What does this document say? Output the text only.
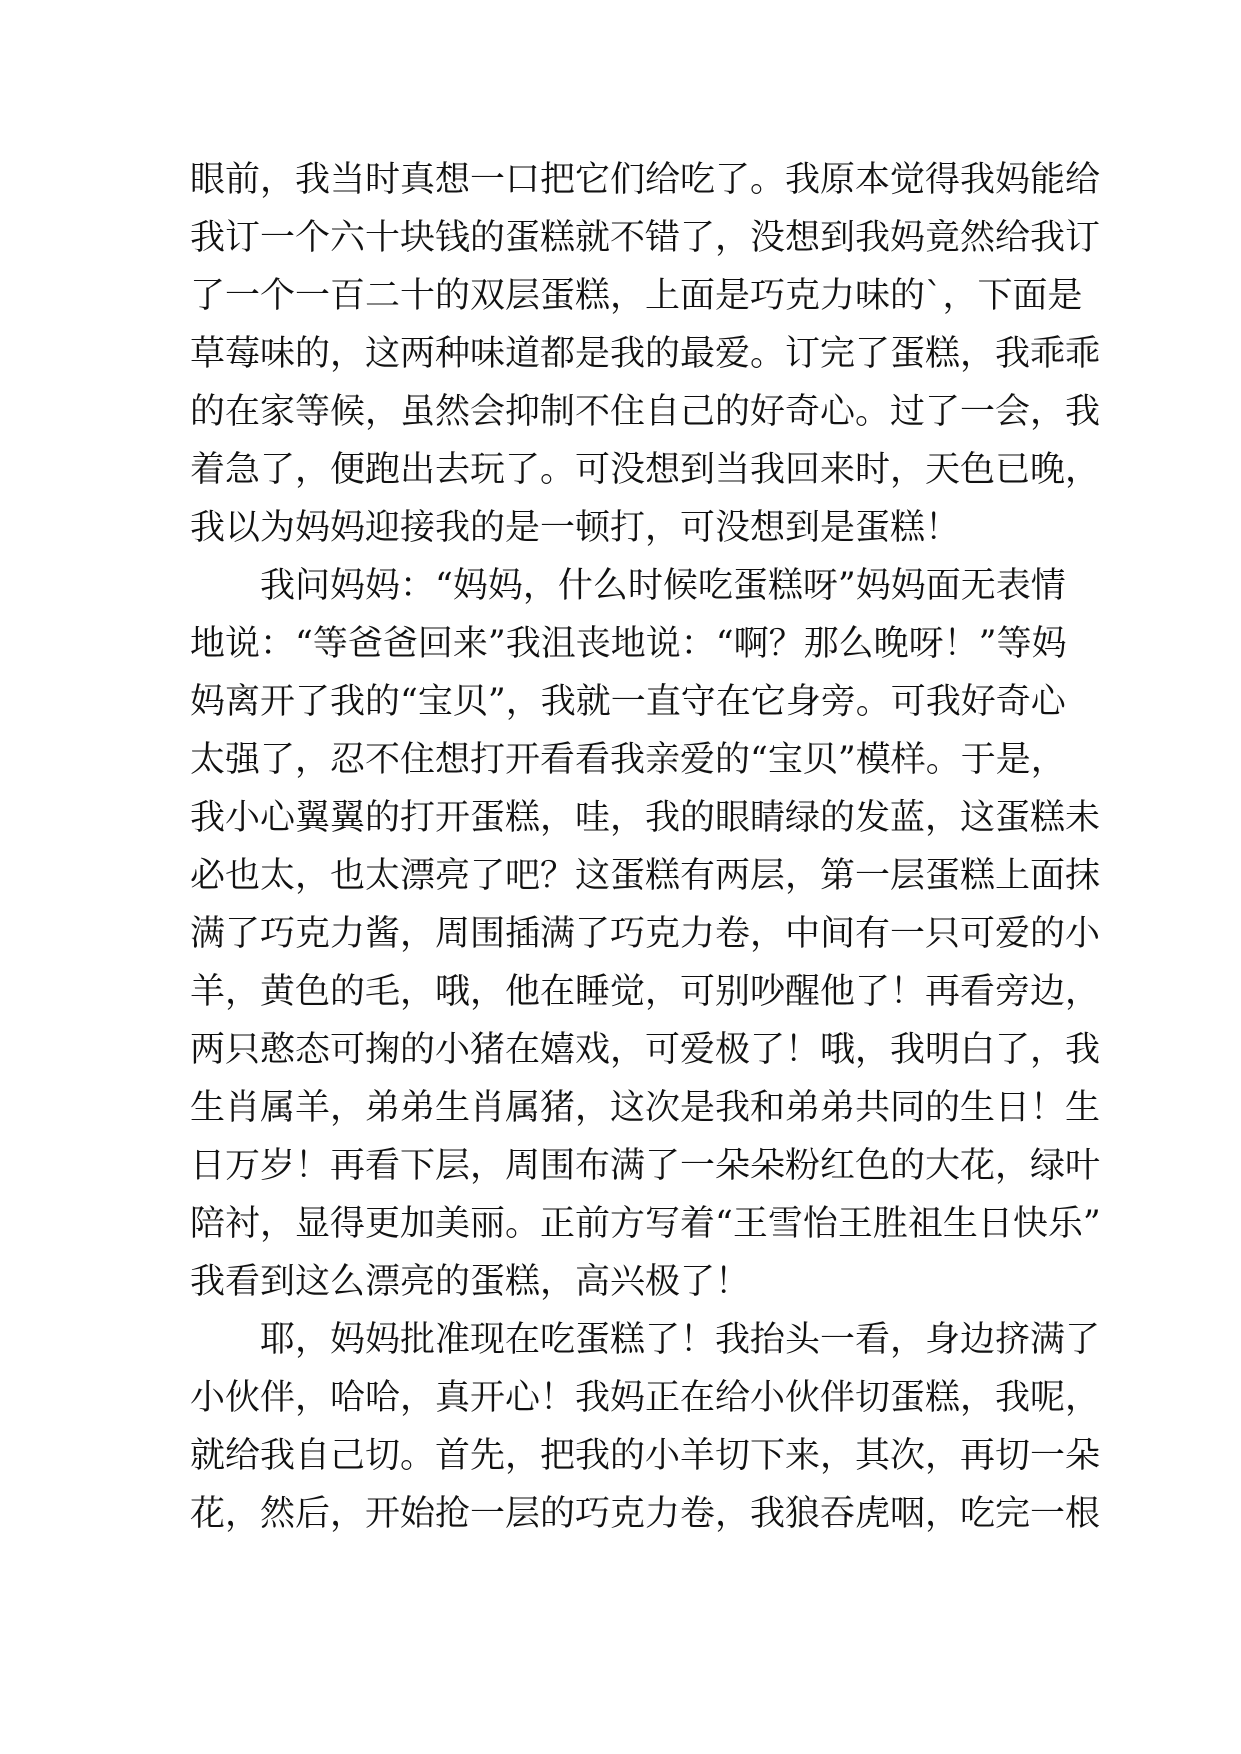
眼前，我当时真想一口把它们给吃了。我原本觉得我妈能给
我订一个六十块钱的蛋糕就不错了，没想到我妈竟然给我订
了一个一百二十的双层蛋糕，上面是巧克力味的`，下面是
草莓味的，这两种味道都是我的最爱。订完了蛋糕，我乖乖
的在家等候，虽然会抑制不住自己的好奇心。过了一会，我
着急了，便跑出去玩了。可没想到当我回来时，天色已晚，
我以为妈妈迎接我的是一顿打，可没想到是蛋糕！
我问妈妈：“妈妈，什么时候吃蛋糕呀”妈妈面无表情
地说：“等爸爸回来”我沮丧地说：“啊？那么晚呀！”等妈
妈离开了我的“宝贝”，我就一直守在它身旁。可我好奇心
太强了，忍不住想打开看看我亲爱的“宝贝”模样。于是，
我小心翼翼的打开蛋糕，哇，我的眼睛绿的发蓝，这蛋糕未
必也太，也太漂亮了吧？这蛋糕有两层，第一层蛋糕上面抹
满了巧克力酱，周围插满了巧克力卷，中间有一只可爱的小
羊，黄色的毛，哦，他在睡觉，可别吵醒他了！再看旁边，
两只憨态可掬的小猪在嬉戏，可爱极了！哦，我明白了，我
生肖属羊，弟弟生肖属猪，这次是我和弟弟共同的生日！生
日万岁！再看下层，周围布满了一朵朵粉红色的大花，绿叶
陪衬，显得更加美丽。正前方写着“王雪怡王胜祖生日快乐”
我看到这么漂亮的蛋糕，高兴极了！
耶，妈妈批准现在吃蛋糕了！我抬头一看，身边挤满了
小伙伴，哈哈，真开心！我妈正在给小伙伴切蛋糕，我呢，
就给我自己切。首先，把我的小羊切下来，其次，再切一朵
花，然后，开始抢一层的巧克力卷，我狼吞虎咽，吃完一根
